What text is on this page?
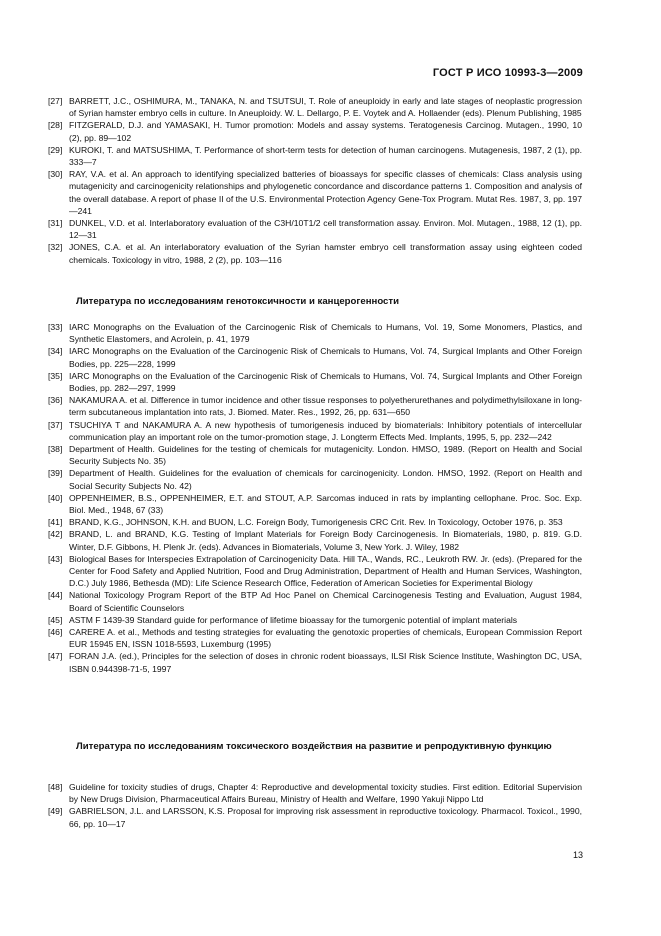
ГОСТ Р ИСО 10993-3—2009
[27] BARRETT, J.C., OSHIMURA, M., TANAKA, N. and TSUTSUI, T. Role of aneuploidy in early and late stages of neoplastic progression of Syrian hamster embryo cells in culture. In Aneuploidy. W. L. Dellargo, P. E. Voytek and A. Hollaender (eds). Plenum Publishing, 1985
[28] FITZGERALD, D.J. and YAMASAKI, H. Tumor promotion: Models and assay systems. Teratogenesis Carcinog. Mutagen., 1990, 10 (2), pp. 89—102
[29] KUROKI, T. and MATSUSHIMA, T. Performance of short-term tests for detection of human carcinogens. Mutagenesis, 1987, 2 (1), pp. 333—7
[30] RAY, V.A. et al. An approach to identifying specialized batteries of bioassays for specific classes of chemicals: Class analysis using mutagenicity and carcinogenicity relationships and phylogenetic concordance and discordance patterns 1. Composition and analysis of the overall database. A report of phase II of the U.S. Environmental Protection Agency Gene-Tox Program. Mutat Res. 1987, 3, pp. 197—241
[31] DUNKEL, V.D. et al. Interlaboratory evaluation of the C3H/10T1/2 cell transformation assay. Environ. Mol. Mutagen., 1988, 12 (1), pp. 12—31
[32] JONES, C.A. et al. An interlaboratory evaluation of the Syrian hamster embryo cell transformation assay using eighteen coded chemicals. Toxicology in vitro, 1988, 2 (2), pp. 103—116
Литература по исследованиям генотоксичности и канцерогенности
[33] IARC Monographs on the Evaluation of the Carcinogenic Risk of Chemicals to Humans, Vol. 19, Some Monomers, Plastics, and Synthetic Elastomers, and Acrolein, p. 41, 1979
[34] IARC Monographs on the Evaluation of the Carcinogenic Risk of Chemicals to Humans, Vol. 74, Surgical Implants and Other Foreign Bodies, pp. 225—228, 1999
[35] IARC Monographs on the Evaluation of the Carcinogenic Risk of Chemicals to Humans, Vol. 74, Surgical Implants and Other Foreign Bodies, pp. 282—297, 1999
[36] NAKAMURA A. et al. Difference in tumor incidence and other tissue responses to polyetherurethanes and polydimethylsiloxane in long-term subcutaneous implantation into rats, J. Biomed. Mater. Res., 1992, 26, pp. 631—650
[37] TSUCHIYA T and NAKAMURA A. A new hypothesis of tumorigenesis induced by biomaterials: Inhibitory potentials of intercellular communication play an important role on the tumor-promotion stage, J. Longterm Effects Med. Implants, 1995, 5, pp. 232—242
[38] Department of Health. Guidelines for the testing of chemicals for mutagenicity. London. HMSO, 1989. (Report on Health and Social Security Subjects No. 35)
[39] Department of Health. Guidelines for the evaluation of chemicals for carcinogenicity. London. HMSO, 1992. (Report on Health and Social Security Subjects No. 42)
[40] OPPENHEIMER, B.S., OPPENHEIMER, E.T. and STOUT, A.P. Sarcomas induced in rats by implanting cellophane. Proc. Soc. Exp. Biol. Med., 1948, 67 (33)
[41] BRAND, K.G., JOHNSON, K.H. and BUON, L.C. Foreign Body, Tumorigenesis CRC Crit. Rev. In Toxicology, October 1976, p. 353
[42] BRAND, L. and BRAND, K.G. Testing of Implant Materials for Foreign Body Carcinogenesis. In Biomaterials, 1980, p. 819. G.D. Winter, D.F. Gibbons, H. Plenk Jr. (eds). Advances in Biomaterials, Volume 3, New York. J. Wiley, 1982
[43] Biological Bases for Interspecies Extrapolation of Carcinogenicity Data. Hill TA., Wands, RC., Leukroth RW. Jr. (eds). (Prepared for the Center for Food Safety and Applied Nutrition, Food and Drug Administration, Department of Health and Human Services, Washington, D.C.) July 1986, Bethesda (MD): Life Science Research Office, Federation of American Societies for Experimental Biology
[44] National Toxicology Program Report of the BTP Ad Hoc Panel on Chemical Carcinogenesis Testing and Evaluation, August 1984, Board of Scientific Counselors
[45] ASTM F 1439-39 Standard guide for performance of lifetime bioassay for the tumorgenic potential of implant materials
[46] CARERE A. et al., Methods and testing strategies for evaluating the genotoxic properties of chemicals, European Commission Report EUR 15945 EN, ISSN 1018-5593, Luxemburg (1995)
[47] FORAN J.A. (ed.), Principles for the selection of doses in chronic rodent bioassays, ILSI Risk Science Institute, Washington DC, USA, ISBN 0.944398-71-5, 1997
Литература по исследованиям токсического воздействия на развитие и репродуктивную функцию
[48] Guideline for toxicity studies of drugs, Chapter 4: Reproductive and developmental toxicity studies. First edition. Editorial Supervision by New Drugs Division, Pharmaceutical Affairs Bureau, Ministry of Health and Welfare, 1990 Yakuji Nippo Ltd
[49] GABRIELSON, J.L. and LARSSON, K.S. Proposal for improving risk assessment in reproductive toxicology. Pharmacol. Toxicol., 1990, 66, pp. 10—17
13
